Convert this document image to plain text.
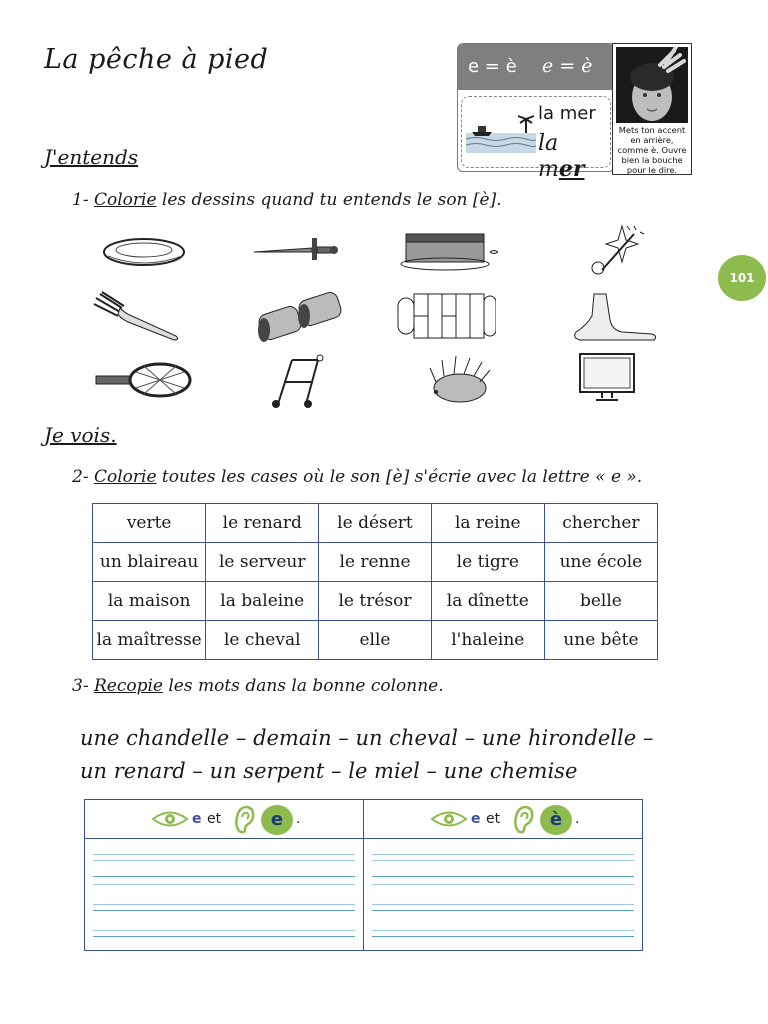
La pêche à pied	e = è e = è
la mer
la mer
Mets ton accent en arrière, comme è. Ouvre bien la bouche pour le dire.
101
J'entends
1- Colorie les dessins quand tu entends le son [è].
Je vois.
2- Colorie toutes les cases où le son [è] s'écrie avec la lettre « e ».
verte	le renard	le désert	la reine	chercher
un blaireau	le serveur	le renne	le tigre	une école
la maison	la baleine	le trésor	la dînette	belle
la maîtresse	le cheval	elle	l'haleine	une bête
3- Recopie les mots dans la bonne colonne.
une chandelle – demain – un cheval – une hirondelle –
un renard – un serpent – le miel – une chemise
e et	e .	e et	è .
